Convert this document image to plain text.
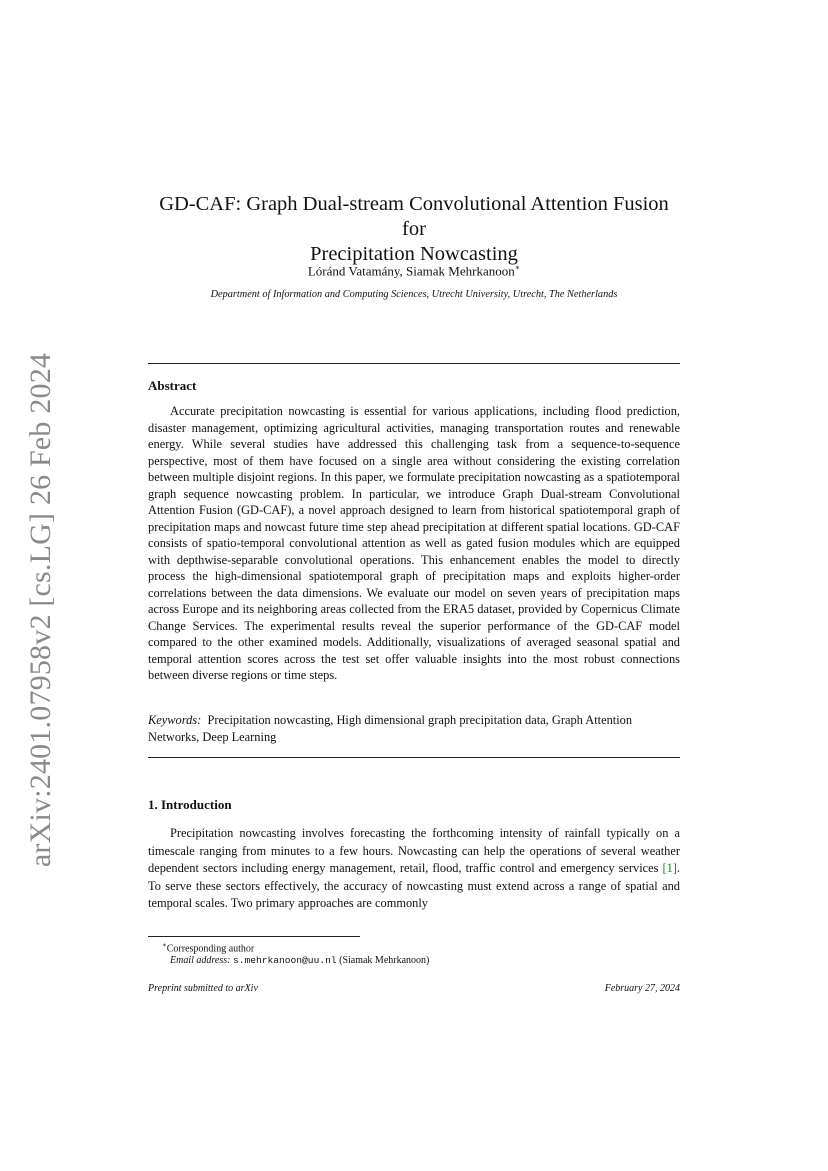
arXiv:2401.07958v2 [cs.LG] 26 Feb 2024
GD-CAF: Graph Dual-stream Convolutional Attention Fusion for
Precipitation Nowcasting
Lóránd Vatamány, Siamak Mehrkanoon∗
Department of Information and Computing Sciences, Utrecht University, Utrecht, The Netherlands
Abstract

Accurate precipitation nowcasting is essential for various applications, including flood prediction, disaster management, optimizing agricultural activities, managing transportation routes and renewable energy. While several studies have addressed this challenging task from a sequence-to-sequence perspective, most of them have focused on a single area without considering the existing correlation between multiple disjoint regions. In this paper, we formulate precipitation nowcasting as a spatiotemporal graph sequence nowcasting problem. In particular, we introduce Graph Dual-stream Convolutional Attention Fusion (GD-CAF), a novel approach designed to learn from historical spatiotemporal graph of precipitation maps and nowcast future time step ahead precipitation at different spatial locations. GD-CAF consists of spatio-temporal convolutional attention as well as gated fusion modules which are equipped with depthwise-separable convolutional operations. This enhancement enables the model to directly process the high-dimensional spatiotemporal graph of precipitation maps and exploits higher-order correlations between the data dimensions. We evaluate our model on seven years of precipitation maps across Europe and its neighboring areas collected from the ERA5 dataset, provided by Copernicus Climate Change Services. The experimental results reveal the superior performance of the GD-CAF model compared to the other examined models. Additionally, visualizations of averaged seasonal spatial and temporal attention scores across the test set offer valuable insights into the most robust connections between diverse regions or time steps.

Keywords: Precipitation nowcasting, High dimensional graph precipitation data, Graph Attention Networks, Deep Learning

1. Introduction

Precipitation nowcasting involves forecasting the forthcoming intensity of rainfall typically on a timescale ranging from minutes to a few hours. Nowcasting can help the operations of several weather dependent sectors including energy management, retail, flood, traffic control and emergency services [1]. To serve these sectors effectively, the accuracy of nowcasting must extend across a range of spatial and temporal scales. Two primary approaches are commonly

∗Corresponding author
Email address: s.mehrkanoon@uu.nl (Siamak Mehrkanoon)
Preprint submitted to arXiv	February 27, 2024
